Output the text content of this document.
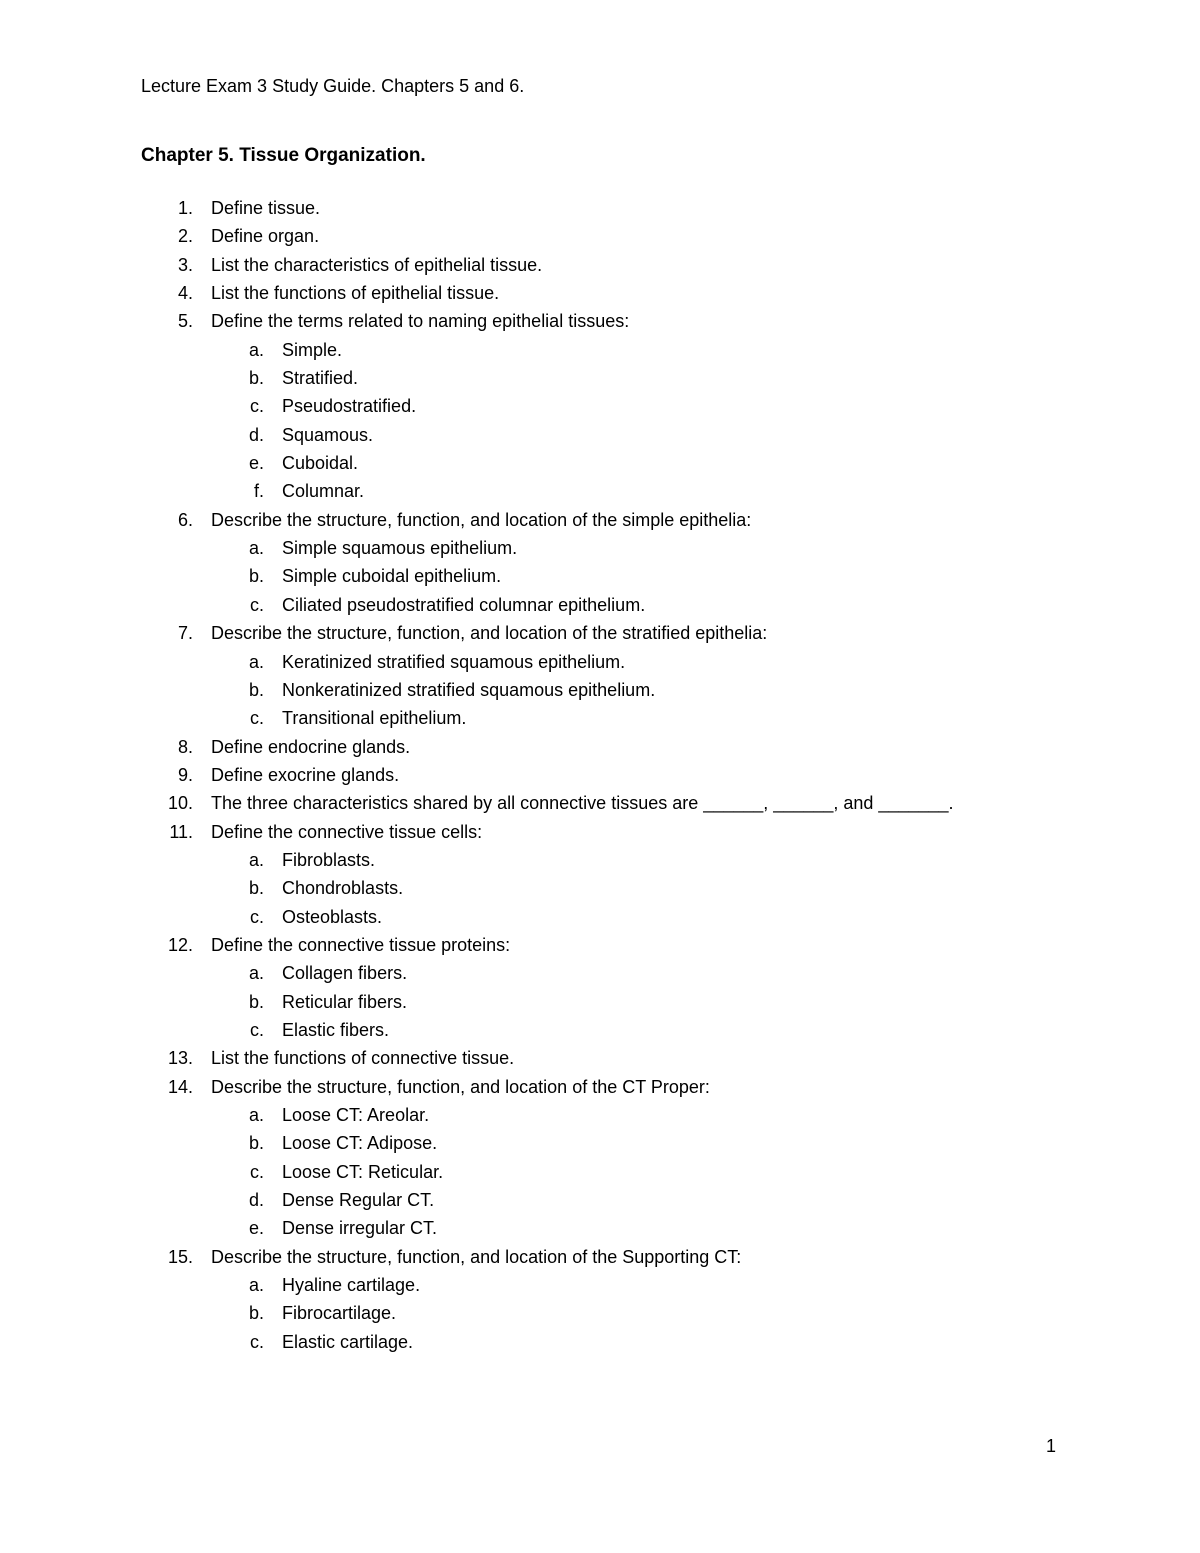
Lecture Exam 3 Study Guide. Chapters 5 and 6.
Chapter 5. Tissue Organization.
1. Define tissue.
2. Define organ.
3. List the characteristics of epithelial tissue.
4. List the functions of epithelial tissue.
5. Define the terms related to naming epithelial tissues:
a. Simple.
b. Stratified.
c. Pseudostratified.
d. Squamous.
e. Cuboidal.
f. Columnar.
6. Describe the structure, function, and location of the simple epithelia:
a. Simple squamous epithelium.
b. Simple cuboidal epithelium.
c. Ciliated pseudostratified columnar epithelium.
7. Describe the structure, function, and location of the stratified epithelia:
a. Keratinized stratified squamous epithelium.
b. Nonkeratinized stratified squamous epithelium.
c. Transitional epithelium.
8. Define endocrine glands.
9. Define exocrine glands.
10. The three characteristics shared by all connective tissues are ______, ______, and _______.
11. Define the connective tissue cells:
a. Fibroblasts.
b. Chondroblasts.
c. Osteoblasts.
12. Define the connective tissue proteins:
a. Collagen fibers.
b. Reticular fibers.
c. Elastic fibers.
13. List the functions of connective tissue.
14. Describe the structure, function, and location of the CT Proper:
a. Loose CT: Areolar.
b. Loose CT: Adipose.
c. Loose CT: Reticular.
d. Dense Regular CT.
e. Dense irregular CT.
15. Describe the structure, function, and location of the Supporting CT:
a. Hyaline cartilage.
b. Fibrocartilage.
c. Elastic cartilage.
1
